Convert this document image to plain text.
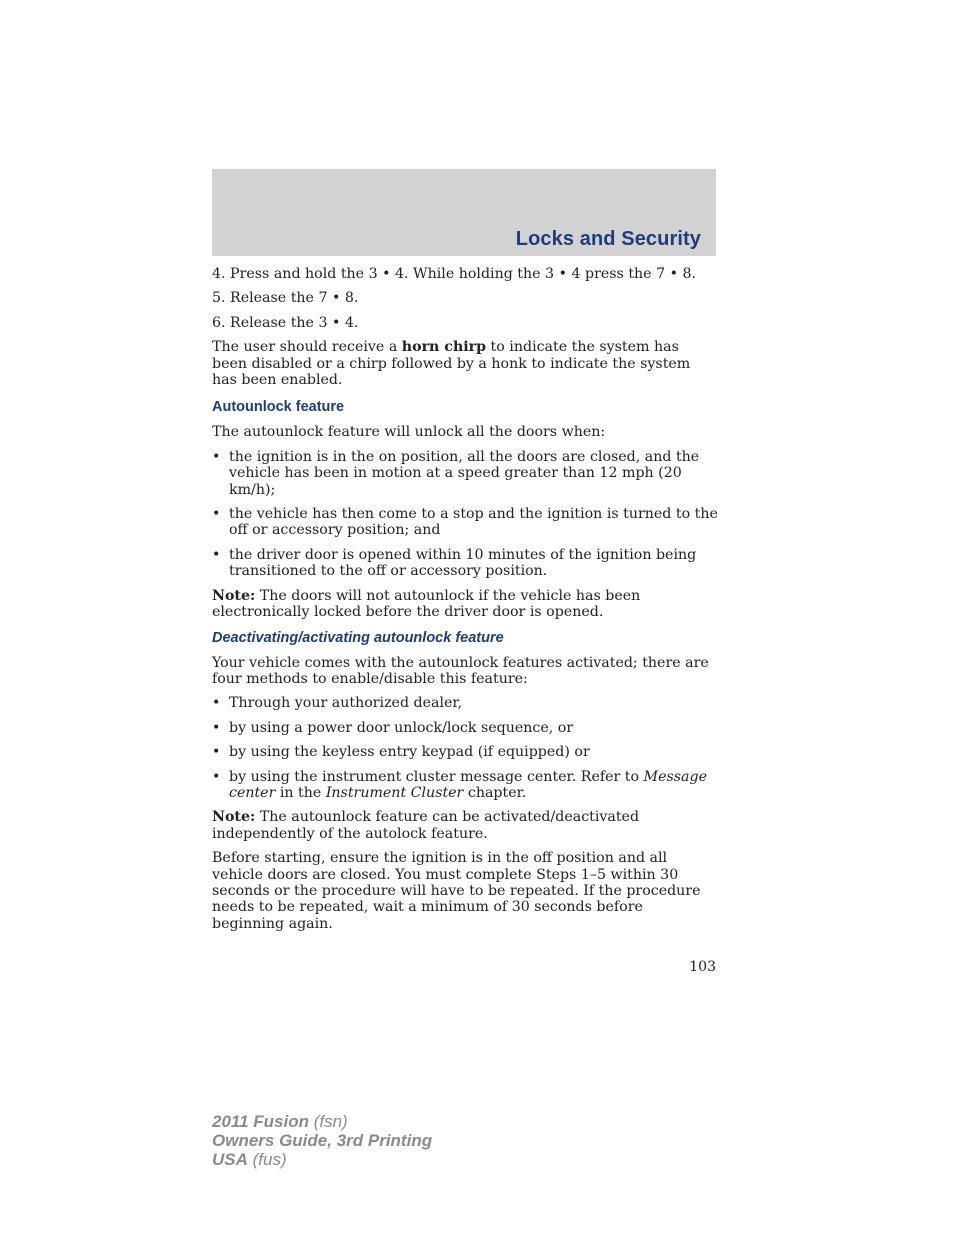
Locks and Security
4. Press and hold the 3 • 4. While holding the 3 • 4 press the 7 • 8.
5. Release the 7 • 8.
6. Release the 3 • 4.

The user should receive a horn chirp to indicate the system has been disabled or a chirp followed by a honk to indicate the system has been enabled.

Autounlock feature

The autounlock feature will unlock all the doors when:

• the ignition is in the on position, all the doors are closed, and the vehicle has been in motion at a speed greater than 12 mph (20 km/h);
• the vehicle has then come to a stop and the ignition is turned to the off or accessory position; and
• the driver door is opened within 10 minutes of the ignition being transitioned to the off or accessory position.

Note: The doors will not autounlock if the vehicle has been electronically locked before the driver door is opened.

Deactivating/activating autounlock feature

Your vehicle comes with the autounlock features activated; there are four methods to enable/disable this feature:

• Through your authorized dealer,
• by using a power door unlock/lock sequence, or
• by using the keyless entry keypad (if equipped) or
• by using the instrument cluster message center. Refer to Message center in the Instrument Cluster chapter.

Note: The autounlock feature can be activated/deactivated independently of the autolock feature.

Before starting, ensure the ignition is in the off position and all vehicle doors are closed. You must complete Steps 1–5 within 30 seconds or the procedure will have to be repeated. If the procedure needs to be repeated, wait a minimum of 30 seconds before beginning again.

103
2011 Fusion (fsn)
Owners Guide, 3rd Printing
USA (fus)
